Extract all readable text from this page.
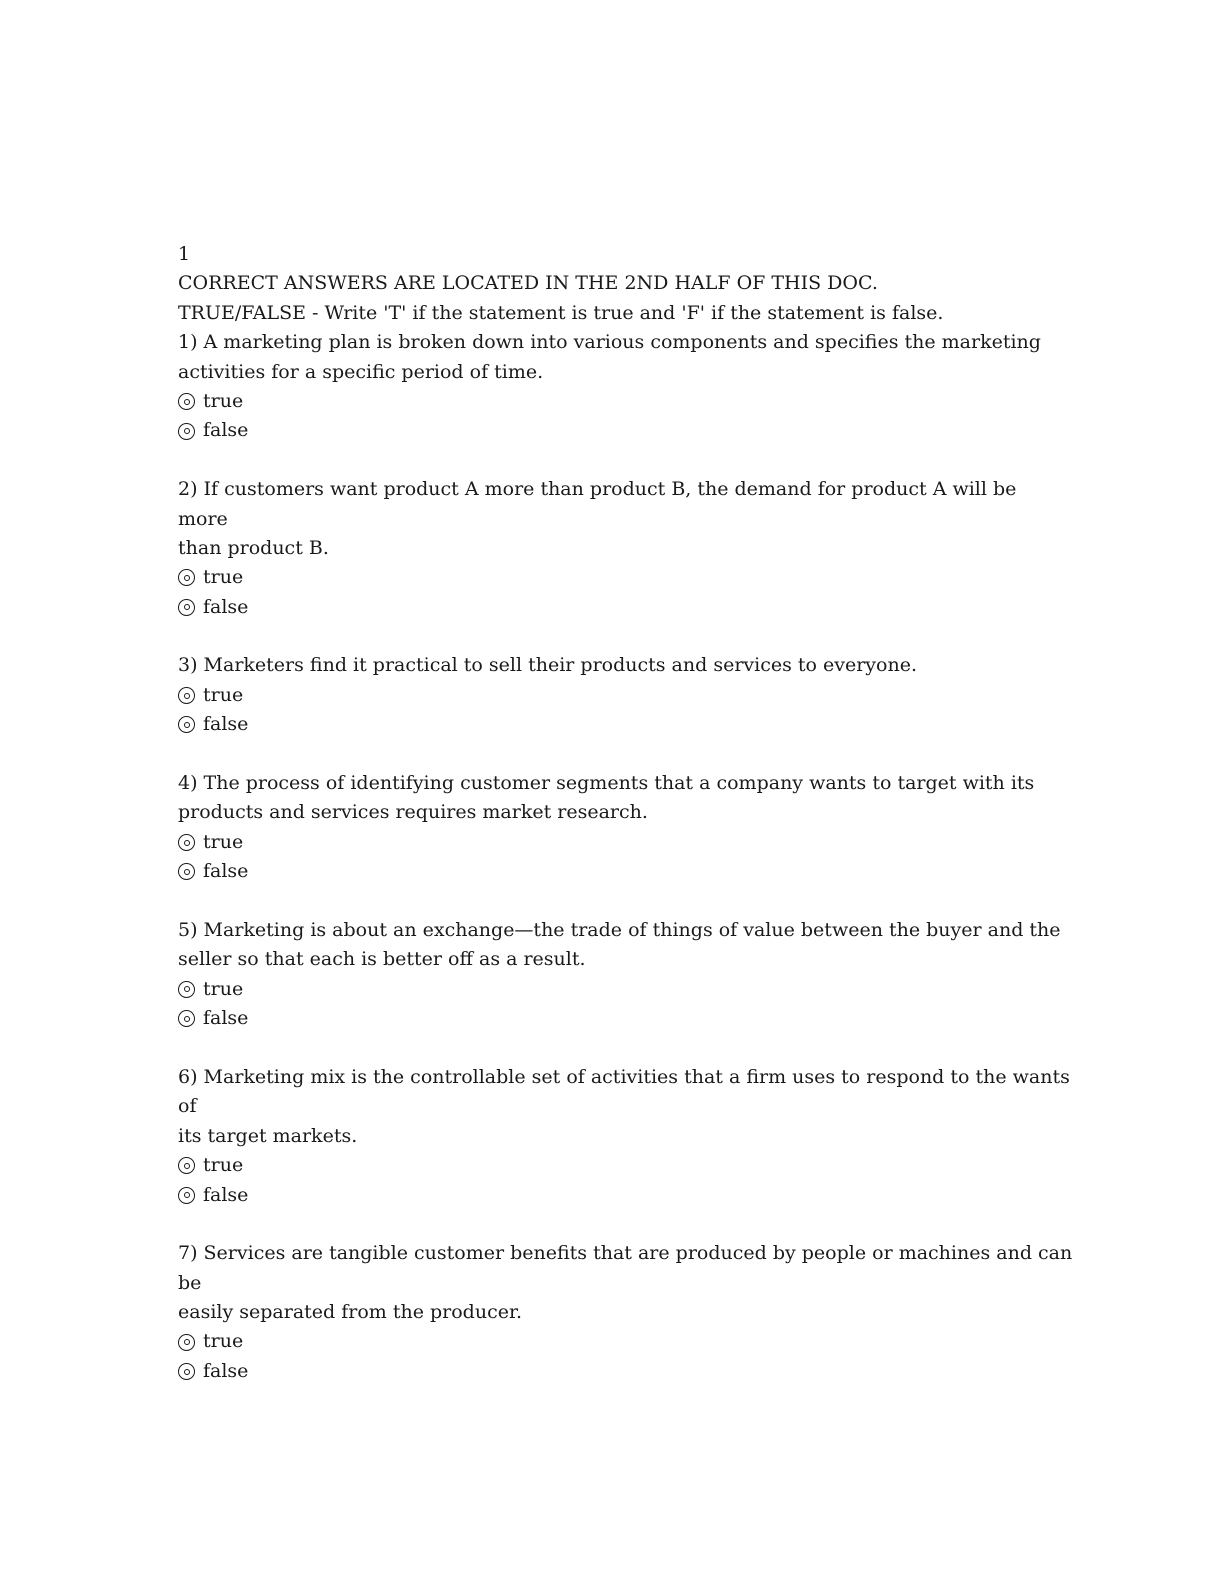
1
CORRECT ANSWERS ARE LOCATED IN THE 2ND HALF OF THIS DOC.
TRUE/FALSE - Write 'T' if the statement is true and 'F' if the statement is false.
1) A marketing plan is broken down into various components and specifies the marketing
activities for a specific period of time.
true
false
2) If customers want product A more than product B, the demand for product A will be
more
than product B.
true
false
3) Marketers find it practical to sell their products and services to everyone.
true
false
4) The process of identifying customer segments that a company wants to target with its
products and services requires market research.
true
false
5) Marketing is about an exchange—the trade of things of value between the buyer and the
seller so that each is better off as a result.
true
false
6) Marketing mix is the controllable set of activities that a firm uses to respond to the wants
of
its target markets.
true
false
7) Services are tangible customer benefits that are produced by people or machines and can
be
easily separated from the producer.
true
false
